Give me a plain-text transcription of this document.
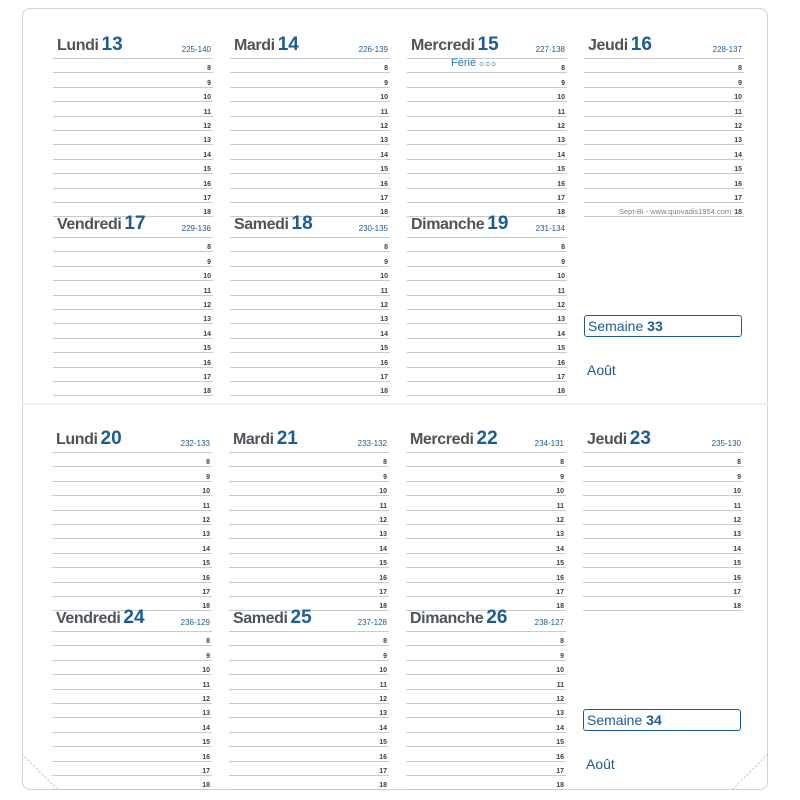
Lundi 13	225-140
8
9
10
11
12
13
14
15
16
17
18
Mardi 14	226-139
8
9
10
11
12
13
14
15
16
17
18
Mercredi 15	227-138
Férié ⊙⊙⊙
8
9
10
11
12
13
14
15
16
17
18
Jeudi 16	228-137
8
9
10
11
12
13
14
15
16
17
18
Vendredi 17	229-136
8
9
10
11
12
13
14
15
16
17
18
Samedi 18	230-135
8
9
10
11
12
13
14
15
16
17
18
Dimanche 19	231-134
8
9
10
11
12
13
14
15
16
17
18
Lundi 20	232-133
8
9
10
11
12
13
14
15
16
17
18
Mardi 21	233-132
8
9
10
11
12
13
14
15
16
17
18
Mercredi 22	234-131
8
9
10
11
12
13
14
15
16
17
18
Jeudi 23	235-130
8
9
10
11
12
13
14
15
16
17
18
Vendredi 24	236-129
8
9
10
11
12
13
14
15
16
17
18
Samedi 25	237-128
8
9
10
11
12
13
14
15
16
17
18
Dimanche 26	238-127
8
9
10
11
12
13
14
15
16
17
18
Sept-Bi - www.quovadis1954.com
Semaine 33
Août
Semaine 34
Août
